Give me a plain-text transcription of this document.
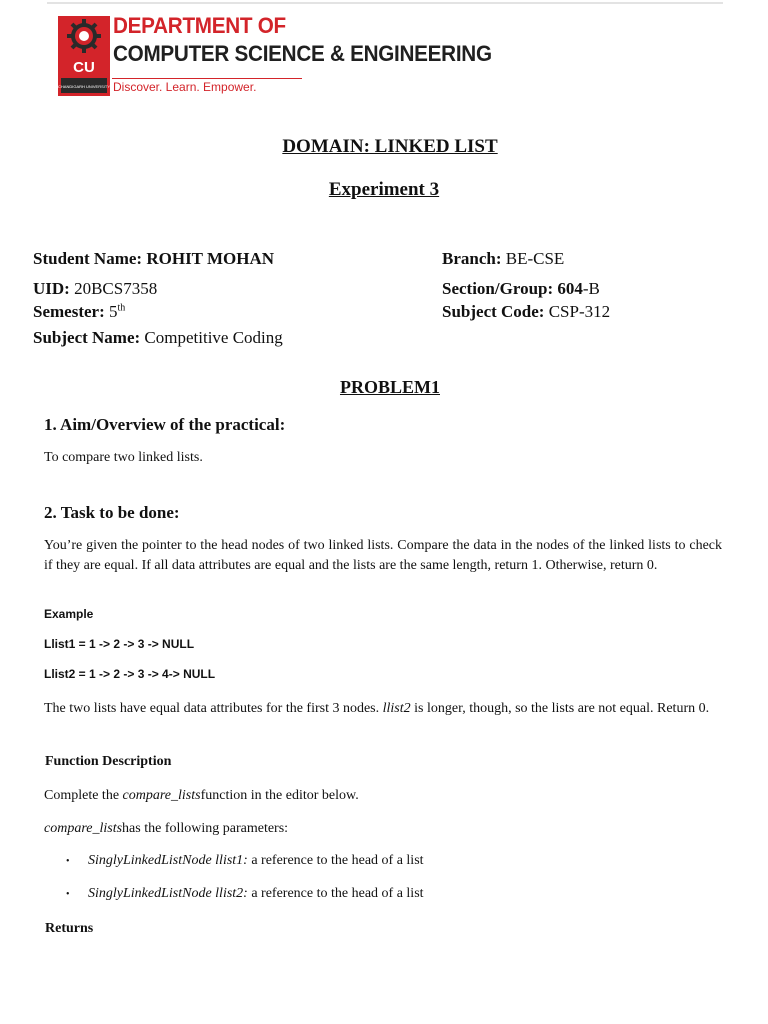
CU
CHANDIGARH UNIVERSITY
DEPARTMENT OF
COMPUTER SCIENCE & ENGINEERING
Discover. Learn. Empower.
DOMAIN: LINKED LIST
Experiment 3
Student Name: ROHIT MOHAN	Branch: BE-CSE
UID: 20BCS7358	Section/Group: 604-B
Semester: 5th	Subject Code: CSP-312
Subject Name: Competitive Coding
PROBLEM1
1. Aim/Overview of the practical:
To compare two linked lists.
2. Task to be done:
You’re given the pointer to the head nodes of two linked lists. Compare the data in the nodes of the linked lists to check if they are equal. If all data attributes are equal and the lists are the same length, return 1. Otherwise, return 0.
Example
Llist1 = 1 -> 2 -> 3 -> NULL
Llist2 = 1 -> 2 -> 3 -> 4-> NULL
The two lists have equal data attributes for the first 3 nodes. llist2 is longer, though, so the lists are not equal. Return 0.
Function Description
Complete the compare_listsfunction in the editor below.
compare_listshas the following parameters:
• SinglyLinkedListNode llist1: a reference to the head of a list
• SinglyLinkedListNode llist2: a reference to the head of a list
Returns
